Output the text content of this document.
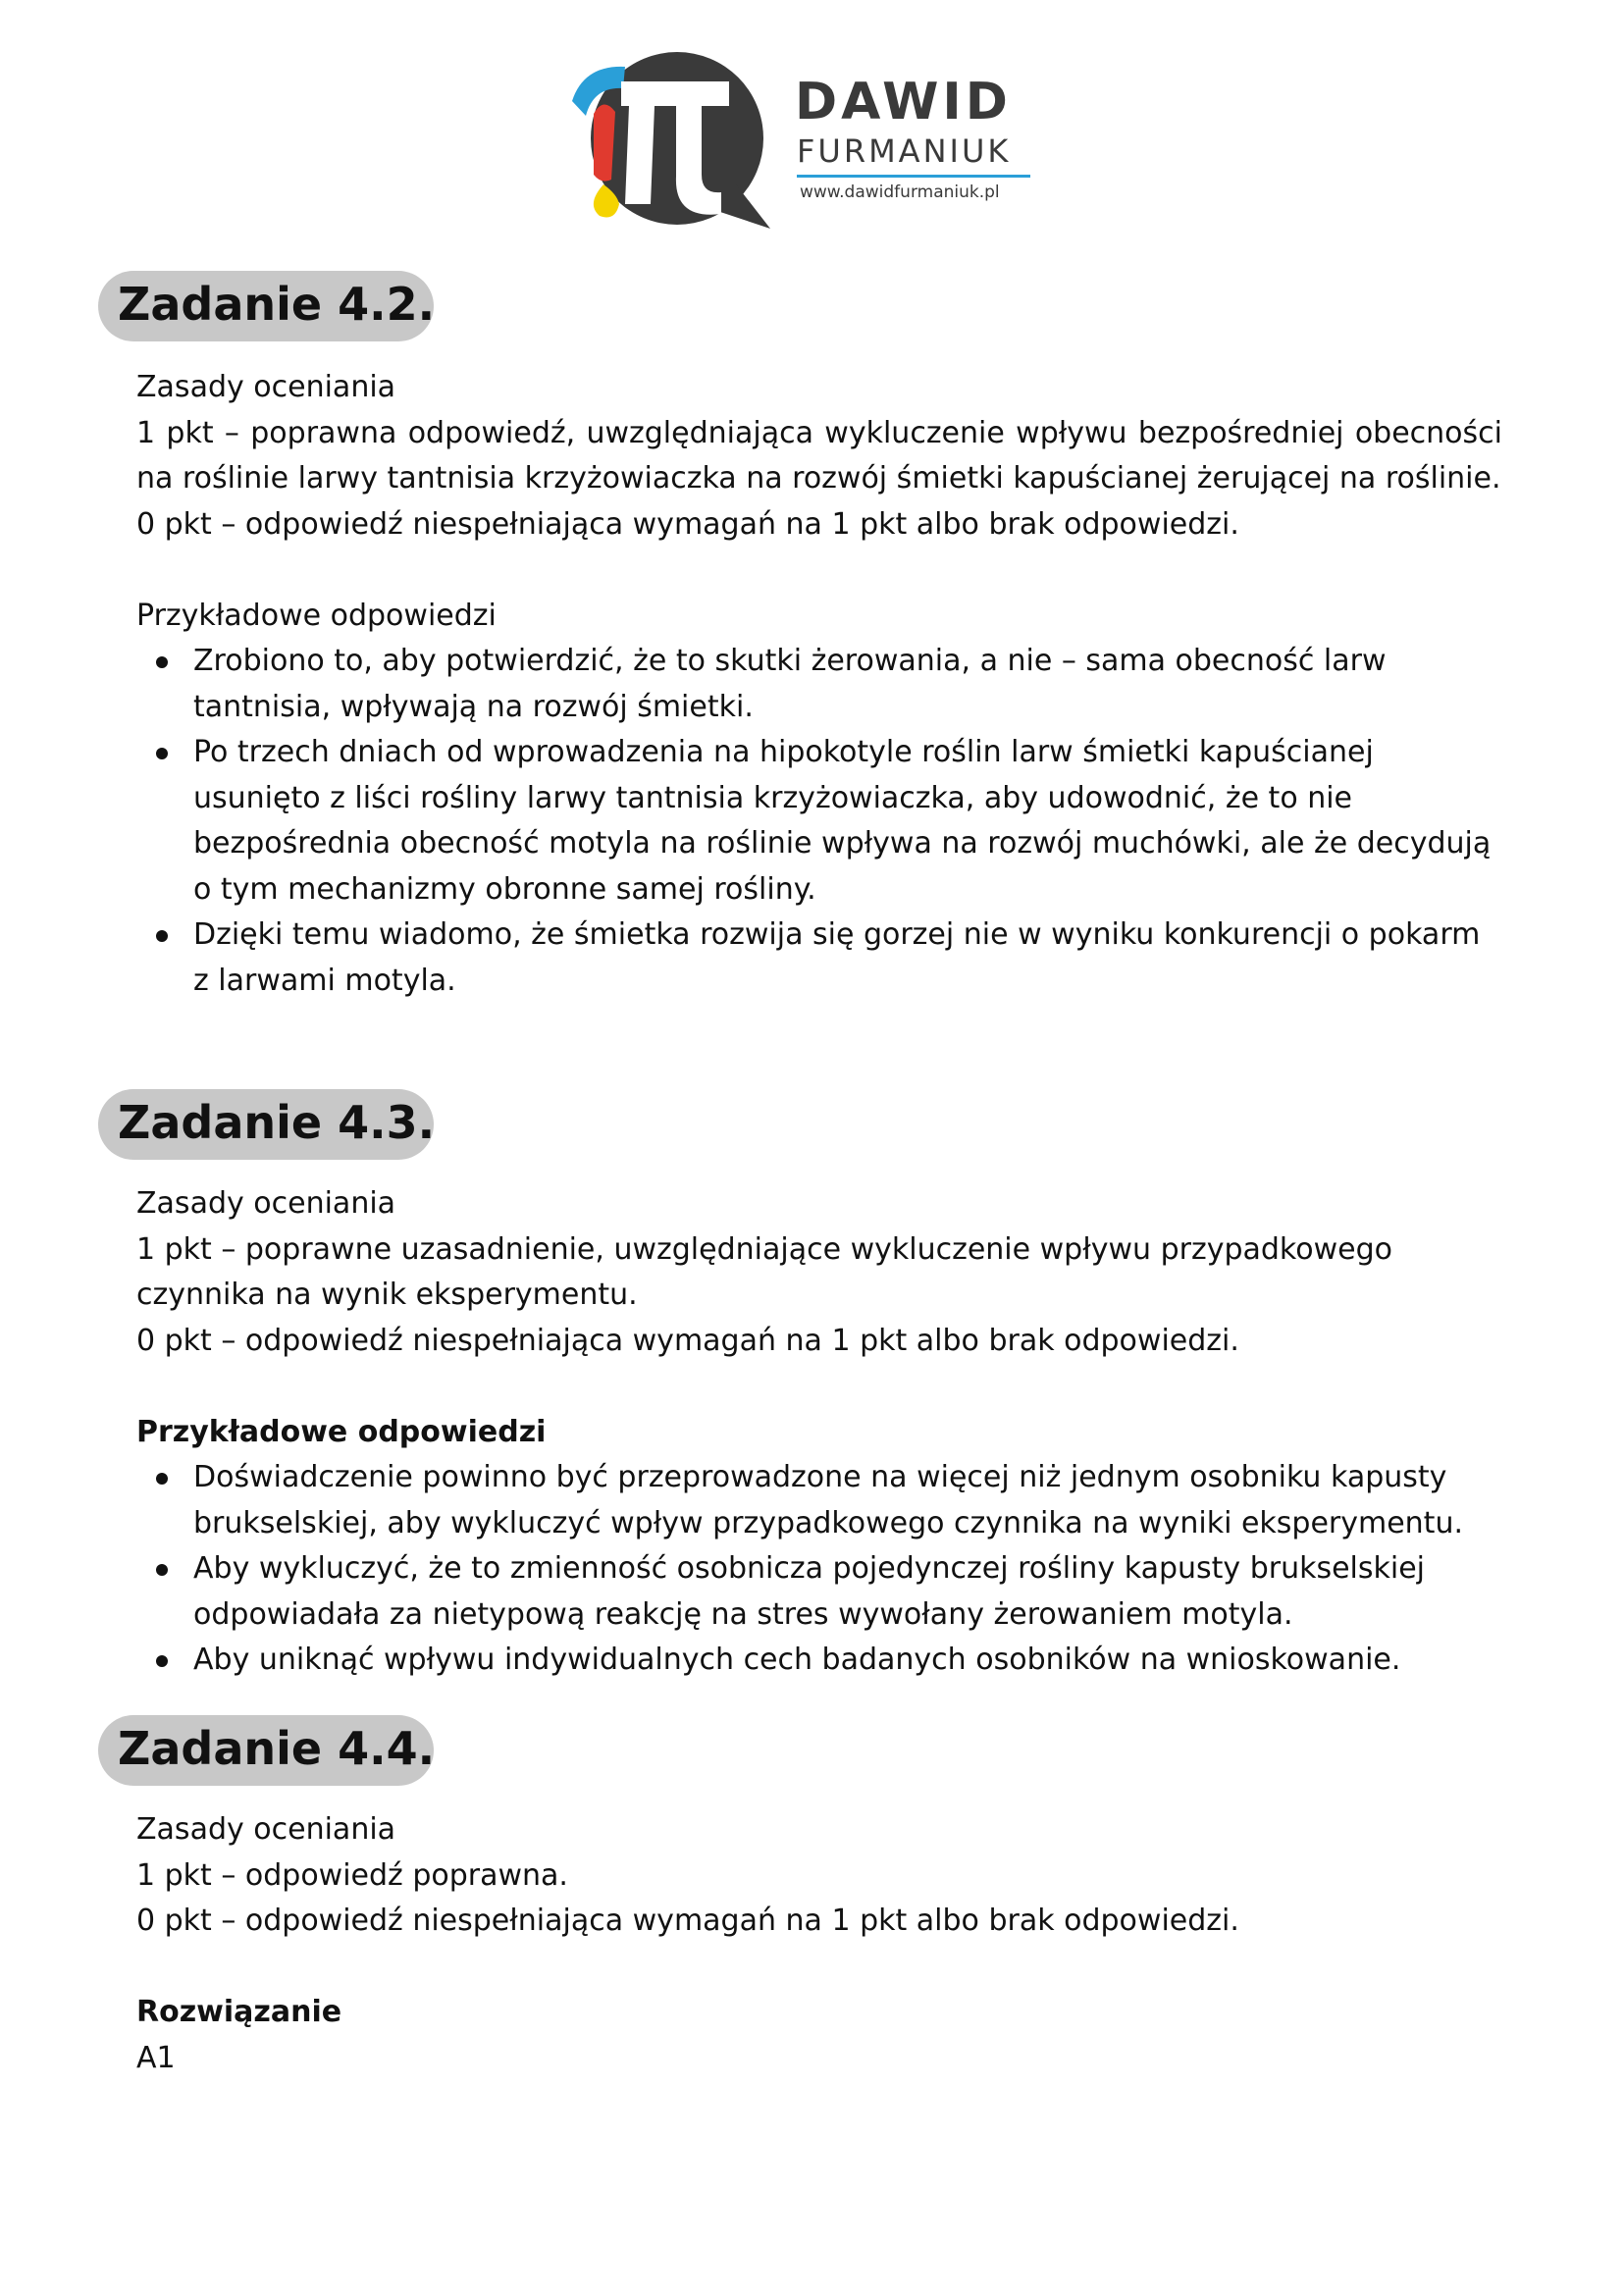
DAWID
FURMANIUK
www.dawidfurmaniuk.pl
Zadanie 4.2.

Zasady oceniania

1 pkt – poprawna odpowiedź, uwzględniająca wykluczenie wpływu bezpośredniej obecności na roślinie larwy tantnisia krzyżowiaczka na rozwój śmietki kapuścianej żerującej na roślinie.

0 pkt – odpowiedź niespełniająca wymagań na 1 pkt albo brak odpowiedzi.

Przykładowe odpowiedzi

Zrobiono to, aby potwierdzić, że to skutki żerowania, a nie – sama obecność larw tantnisia, wpływają na rozwój śmietki.
Po trzech dniach od wprowadzenia na hipokotyle roślin larw śmietki kapuścianej usunięto z liści rośliny larwy tantnisia krzyżowiaczka, aby udowodnić, że to nie bezpośrednia obecność motyla na roślinie wpływa na rozwój muchówki, ale że decydują o tym mechanizmy obronne samej rośliny.
Dzięki temu wiadomo, że śmietka rozwija się gorzej nie w wyniku konkurencji o pokarm z larwami motyla.
Zadanie 4.3.

Zasady oceniania

1 pkt – poprawne uzasadnienie, uwzględniające wykluczenie wpływu przypadkowego czynnika na wynik eksperymentu.

0 pkt – odpowiedź niespełniająca wymagań na 1 pkt albo brak odpowiedzi.

Przykładowe odpowiedzi

Doświadczenie powinno być przeprowadzone na więcej niż jednym osobniku kapusty brukselskiej, aby wykluczyć wpływ przypadkowego czynnika na wyniki eksperymentu.
Aby wykluczyć, że to zmienność osobnicza pojedynczej rośliny kapusty brukselskiej odpowiadała za nietypową reakcję na stres wywołany żerowaniem motyla.
Aby uniknąć wpływu indywidualnych cech badanych osobników na wnioskowanie.
Zadanie 4.4.

Zasady oceniania

1 pkt – odpowiedź poprawna.

0 pkt – odpowiedź niespełniająca wymagań na 1 pkt albo brak odpowiedzi.

Rozwiązanie

A1
